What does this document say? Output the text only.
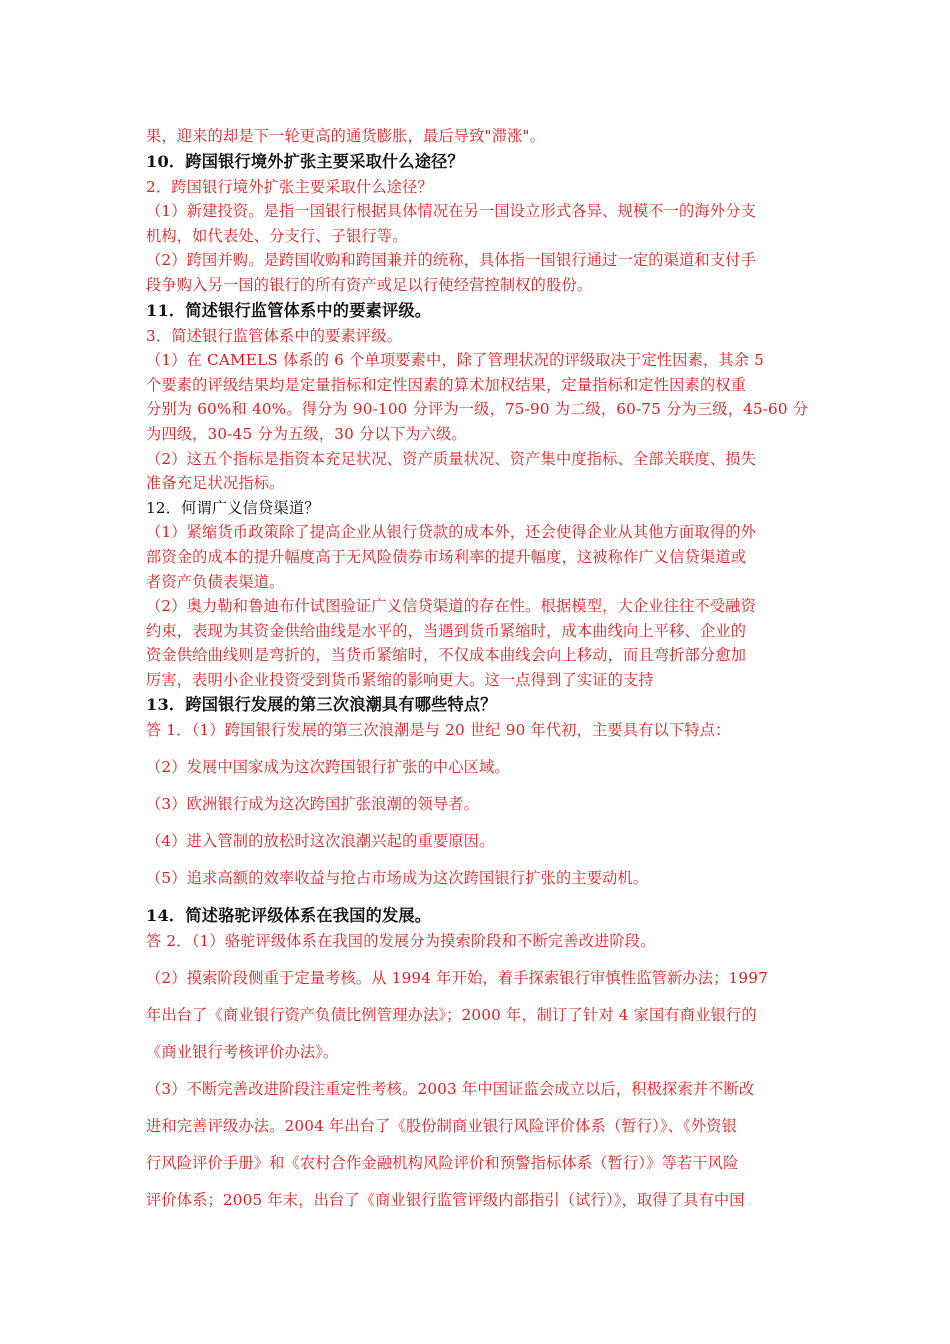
果，迎来的却是下一轮更高的通货膨胀，最后导致"滞涨"。

10．跨国银行境外扩张主要采取什么途径？

2．跨国银行境外扩张主要采取什么途径？

（1）新建投资。是指一国银行根据具体情况在另一国设立形式各异、规模不一的海外分支

机构，如代表处、分支行、子银行等。

（2）跨国并购。是跨国收购和跨国兼并的统称，具体指一国银行通过一定的渠道和支付手

段争购入另一国的银行的所有资产或足以行使经营控制权的股份。

11．简述银行监管体系中的要素评级。

3．简述银行监管体系中的要素评级。

（1）在 CAMELS 体系的 6 个单项要素中，除了管理状况的评级取决于定性因素，其余 5

个要素的评级结果均是定量指标和定性因素的算术加权结果，定量指标和定性因素的权重

分别为 60%和 40%。得分为 90-100 分评为一级，75-90 为二级，60-75 分为三级，45-60 分

为四级，30-45 分为五级，30 分以下为六级。

（2）这五个指标是指资本充足状况、资产质量状况、资产集中度指标、全部关联度、损失

准备充足状况指标。

12．何谓广义信贷渠道？

（1）紧缩货币政策除了提高企业从银行贷款的成本外，还会使得企业从其他方面取得的外

部资金的成本的提升幅度高于无风险债券市场利率的提升幅度，这被称作广义信贷渠道或

者资产负债表渠道。

（2）奥力勒和鲁迪布什试图验证广义信贷渠道的存在性。根据模型，大企业往往不受融资

约束，表现为其资金供给曲线是水平的，当遇到货币紧缩时，成本曲线向上平移、企业的

资金供给曲线则是弯折的，当货币紧缩时，不仅成本曲线会向上移动，而且弯折部分愈加

厉害，表明小企业投资受到货币紧缩的影响更大。这一点得到了实证的支持

13．跨国银行发展的第三次浪潮具有哪些特点？

答 1．（1）跨国银行发展的第三次浪潮是与 20 世纪 90 年代初，主要具有以下特点：

（2）发展中国家成为这次跨国银行扩张的中心区域。

（3）欧洲银行成为这次跨国扩张浪潮的领导者。

（4）进入管制的放松时这次浪潮兴起的重要原因。

（5）追求高额的效率收益与抢占市场成为这次跨国银行扩张的主要动机。

14．简述骆驼评级体系在我国的发展。

答 2．（1）骆驼评级体系在我国的发展分为摸索阶段和不断完善改进阶段。

（2）摸索阶段侧重于定量考核。从 1994 年开始，着手探索银行审慎性监管新办法；1997

年出台了《商业银行资产负债比例管理办法》；2000 年，制订了针对 4 家国有商业银行的

《商业银行考核评价办法》。

（3）不断完善改进阶段注重定性考核。2003 年中国证监会成立以后，积极探索并不断改

进和完善评级办法。2004 年出台了《股份制商业银行风险评价体系（暂行）》、《外资银

行风险评价手册》和《农村合作金融机构风险评价和预警指标体系（暂行）》等若干风险

评价体系；2005 年末，出台了《商业银行监管评级内部指引（试行）》，取得了具有中国
